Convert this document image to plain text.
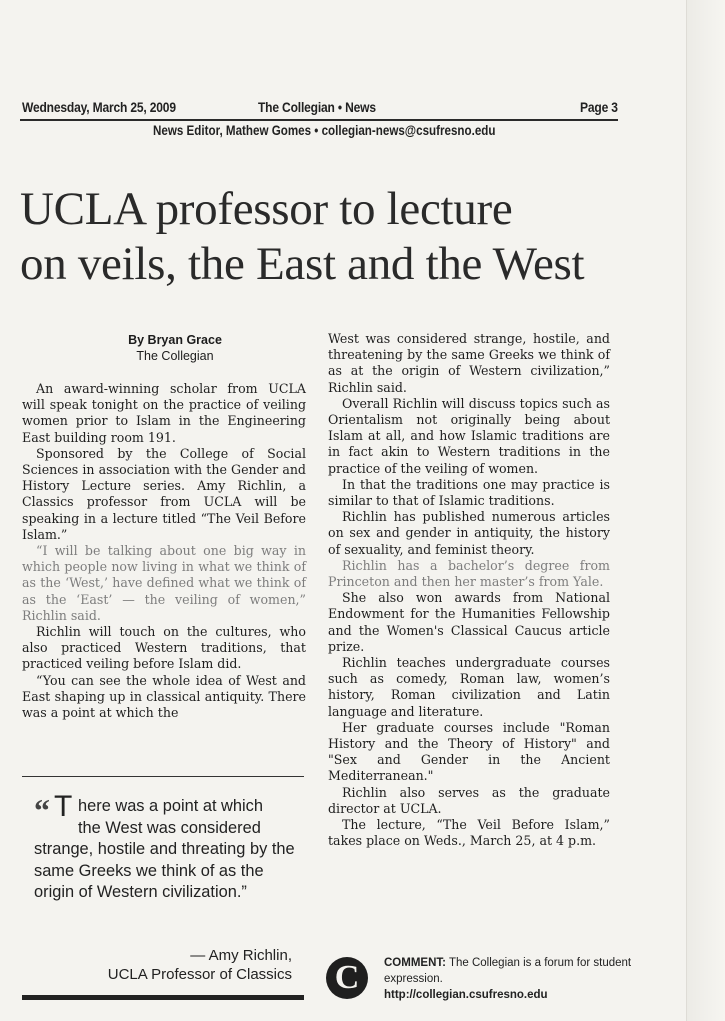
Wednesday, March 25, 2009	The Collegian • News	Page 3
News Editor, Mathew Gomes • collegian-news@csufresno.edu
UCLA professor to lecture
on veils, the East and the West
By Bryan Grace
The Collegian

An award-winning scholar from UCLA will speak tonight on the practice of veiling women prior to Islam in the Engineering East building room 191.

Sponsored by the College of Social Sciences in association with the Gender and History Lecture series. Amy Richlin, a Classics professor from UCLA will be speaking in a lecture titled “The Veil Before Islam.”

“I will be talking about one big way in which people now living in what we think of as the ‘West,’ have defined what we think of as the ‘East’ — the veiling of women,” Richlin said.

Richlin will touch on the cultures, who also practiced Western traditions, that practiced veiling before Islam did.

“You can see the whole idea of West and East shaping up in classical antiquity. There was a point at which the

West was considered strange, hostile, and threatening by the same Greeks we think of as at the origin of Western civilization,” Richlin said.

Overall Richlin will discuss topics such as Orientalism not originally being about Islam at all, and how Islamic traditions are in fact akin to Western traditions in the practice of the veiling of women.

In that the traditions one may practice is similar to that of Islamic traditions.

Richlin has published numerous articles on sex and gender in antiquity, the history of sexuality, and feminist theory.

Richlin has a bachelor’s degree from Princeton and then her master’s from Yale.

She also won awards from National Endowment for the Humanities Fellowship and the Women's Classical Caucus article prize.

Richlin teaches undergraduate courses such as comedy, Roman law, women’s history, Roman civilization and Latin language and literature.

Her graduate courses include "Roman History and the Theory of History" and "Sex and Gender in the Ancient Mediterranean."

Richlin also serves as the graduate director at UCLA.

The lecture, “The Veil Before Islam,” takes place on Weds., March 25, at 4 p.m.

“ T here was a point at which
the West was considered
strange, hostile and threating by the same Greeks we think of as the origin of Western civilization.”
— Amy Richlin,
UCLA Professor of Classics C	COMMENT: The Collegian is a forum for student expression.
http://collegian.csufresno.edu
